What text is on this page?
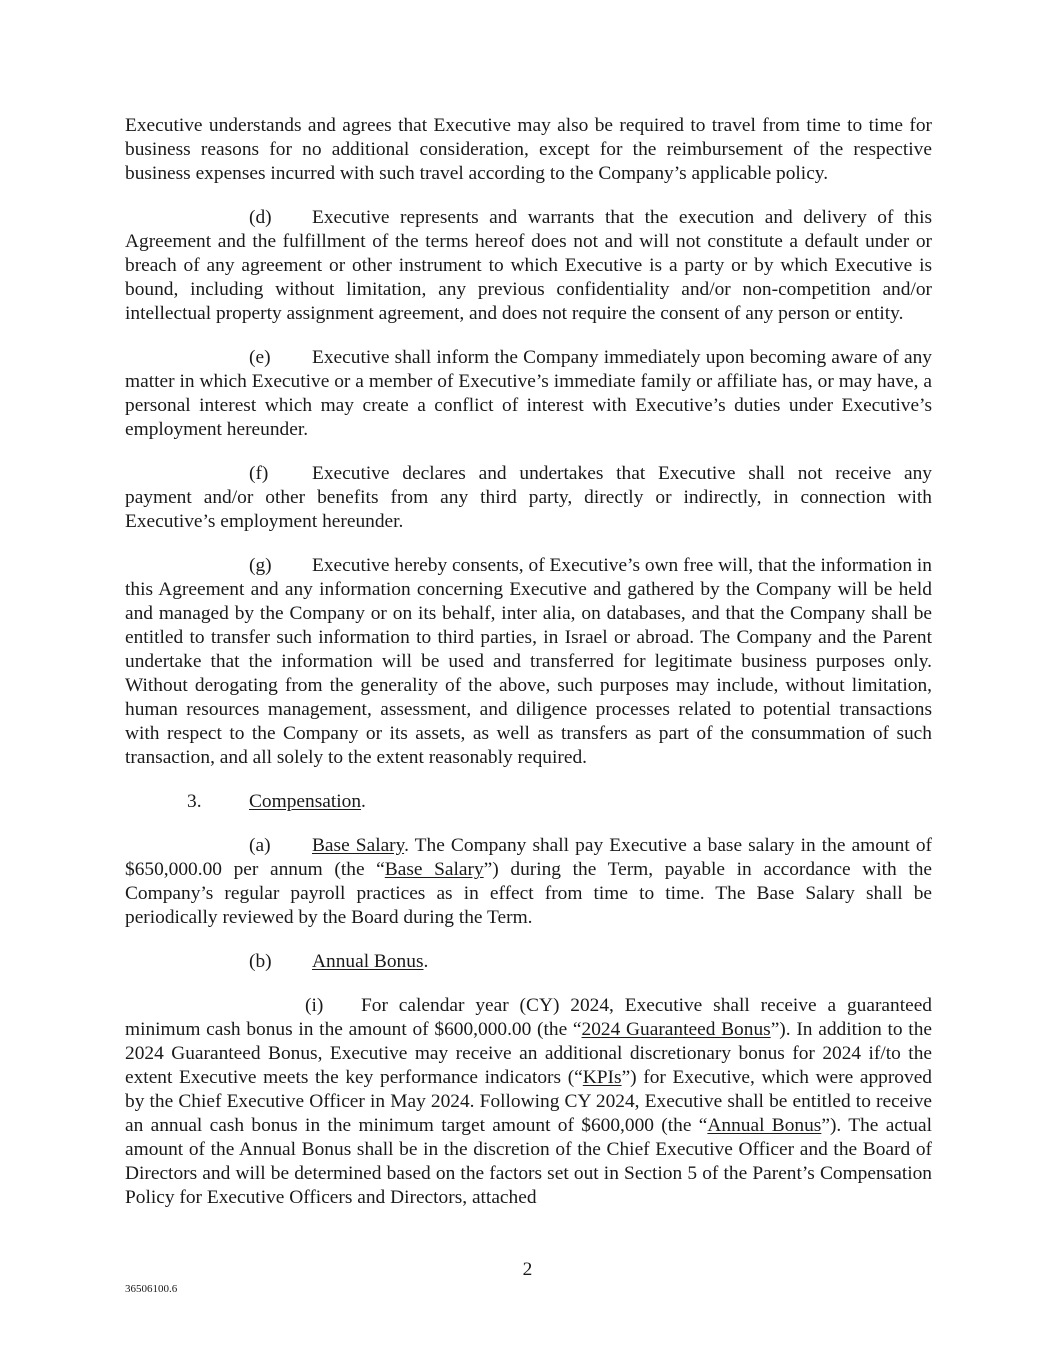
Executive understands and agrees that Executive may also be required to travel from time to time for business reasons for no additional consideration, except for the reimbursement of the respective business expenses incurred with such travel according to the Company’s applicable policy.

(d) Executive represents and warrants that the execution and delivery of this Agreement and the fulfillment of the terms hereof does not and will not constitute a default under or breach of any agreement or other instrument to which Executive is a party or by which Executive is bound, including without limitation, any previous confidentiality and/or non-competition and/or intellectual property assignment agreement, and does not require the consent of any person or entity.

(e) Executive shall inform the Company immediately upon becoming aware of any matter in which Executive or a member of Executive’s immediate family or affiliate has, or may have, a personal interest which may create a conflict of interest with Executive’s duties under Executive’s employment hereunder.

(f) Executive declares and undertakes that Executive shall not receive any payment and/or other benefits from any third party, directly or indirectly, in connection with Executive’s employment hereunder.

(g) Executive hereby consents, of Executive’s own free will, that the information in this Agreement and any information concerning Executive and gathered by the Company will be held and managed by the Company or on its behalf, inter alia, on databases, and that the Company shall be entitled to transfer such information to third parties, in Israel or abroad. The Company and the Parent undertake that the information will be used and transferred for legitimate business purposes only. Without derogating from the generality of the above, such purposes may include, without limitation, human resources management, assessment, and diligence processes related to potential transactions with respect to the Company or its assets, as well as transfers as part of the consummation of such transaction, and all solely to the extent reasonably required.

3. Compensation.

(a) Base Salary. The Company shall pay Executive a base salary in the amount of $650,000.00 per annum (the “Base Salary”) during the Term, payable in accordance with the Company’s regular payroll practices as in effect from time to time. The Base Salary shall be periodically reviewed by the Board during the Term.

(b) Annual Bonus.

(i) For calendar year (CY) 2024, Executive shall receive a guaranteed minimum cash bonus in the amount of $600,000.00 (the “2024 Guaranteed Bonus”). In addition to the 2024 Guaranteed Bonus, Executive may receive an additional discretionary bonus for 2024 if/to the extent Executive meets the key performance indicators (“KPIs”) for Executive, which were approved by the Chief Executive Officer in May 2024. Following CY 2024, Executive shall be entitled to receive an annual cash bonus in the minimum target amount of $600,000 (the “Annual Bonus”). The actual amount of the Annual Bonus shall be in the discretion of the Chief Executive Officer and the Board of Directors and will be determined based on the factors set out in Section 5 of the Parent’s Compensation Policy for Executive Officers and Directors, attached

2
36506100.6
